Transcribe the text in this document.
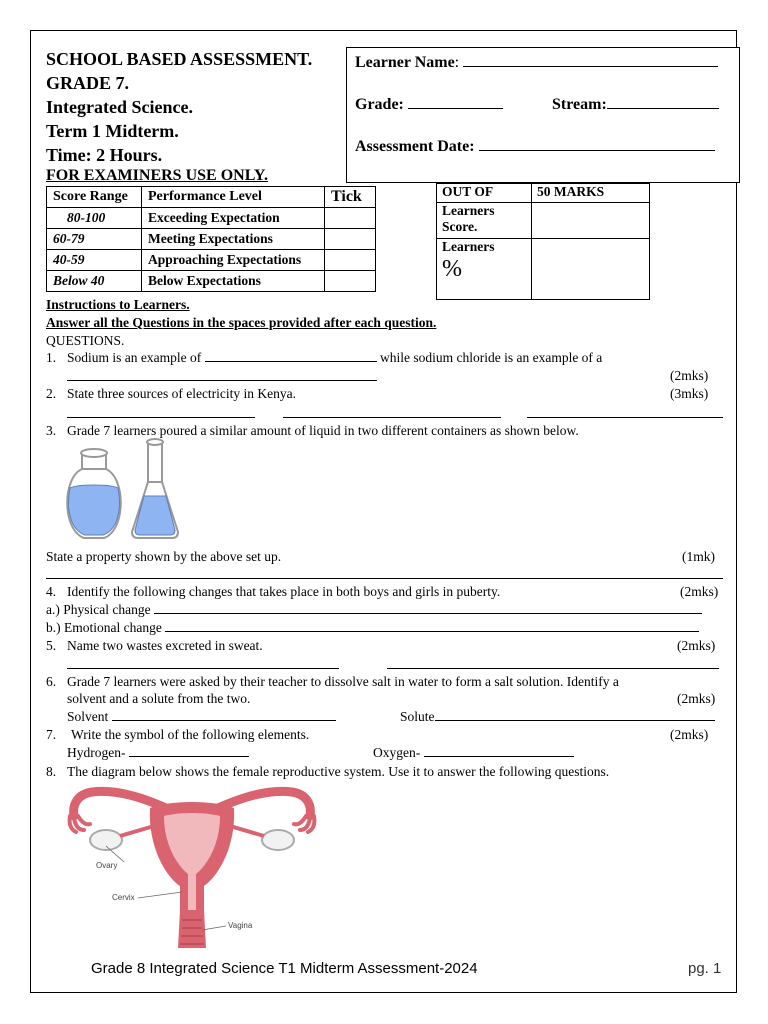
SCHOOL BASED ASSESSMENT.
GRADE 7.
Integrated Science.
Term 1 Midterm.
Time: 2 Hours.
FOR EXAMINERS USE ONLY.
Learner Name:
Grade:	Stream:
Assessment Date:
Score Range	Performance Level	Tick
80-100	Exceeding Expectation	
60-79	Meeting Expectations	
40-59	Approaching Expectations	
Below 40	Below Expectations	
OUT OF	50 MARKS

Learners
Score.	

Learners
%	

Instructions to Learners.
Answer all the Questions in the spaces provided after each question.
QUESTIONS.
1. Sodium is an example of	while sodium chloride is an example of a
(2mks)
2. State three sources of electricity in Kenya.	(3mks)
3. Grade 7 learners poured a similar amount of liquid in two different containers as shown below.
State a property shown by the above set up.	(1mk)
4. Identify the following changes that takes place in both boys and girls in puberty.	(2mks)
a.) Physical change
b.) Emotional change
5. Name two wastes excreted in sweat.	(2mks)
6. Grade 7 learners were asked by their teacher to dissolve salt in water to form a salt solution. Identify a
solvent and a solute from the two.	(2mks)
Solvent	Solute
7. Write the symbol of the following elements.	(2mks)
Hydrogen-	Oxygen-
8. The diagram below shows the female reproductive system. Use it to answer the following questions.
Ovary
Cervix
Vagina
Grade 8 Integrated Science T1 Midterm Assessment-2024	pg. 1
